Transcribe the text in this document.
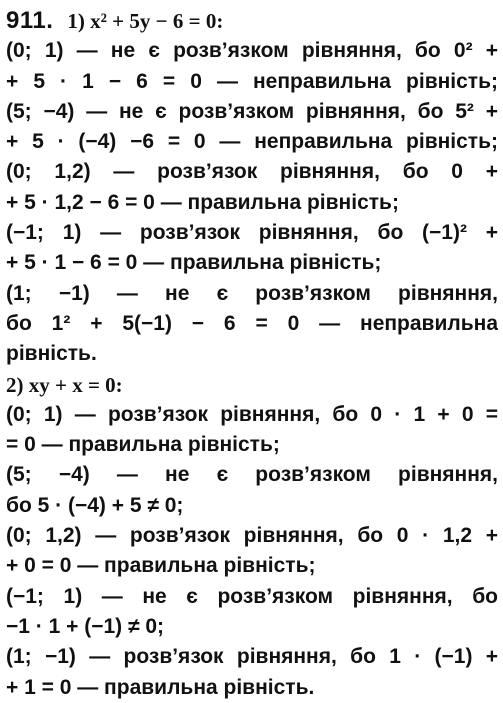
911. 1) x² + 5y − 6 = 0:
(0; 1) — не є розв’язком рівняння, бо 0² +
+ 5 · 1 − 6 = 0 — неправильна рівність;
(5; −4) — не є розв’язком рівняння, бо 5² +
+ 5 · (−4) −6 = 0 — неправильна рівність;
(0; 1,2) — розв’язок рівняння, бо 0 +
+ 5 · 1,2 − 6 = 0 — правильна рівність;
(−1; 1) — розв’язок рівняння, бо (−1)² +
+ 5 · 1 − 6 = 0 — правильна рівність;
(1; −1) — не є розв’язком рівняння,
бо 1² + 5(−1) − 6 = 0 — неправильна
рівність.
2) xy + x = 0:
(0; 1) — розв’язок рівняння, бо 0 · 1 + 0 =
= 0 — правильна рівність;
(5; −4) — не є розв’язком рівняння,
бо 5 · (−4) + 5 ≠ 0;
(0; 1,2) — розв’язок рівняння, бо 0 · 1,2 +
+ 0 = 0 — правильна рівність;
(−1; 1) — не є розв’язком рівняння, бо
−1 · 1 + (−1) ≠ 0;
(1; −1) — розв’язок рівняння, бо 1 · (−1) +
+ 1 = 0 — правильна рівність.
